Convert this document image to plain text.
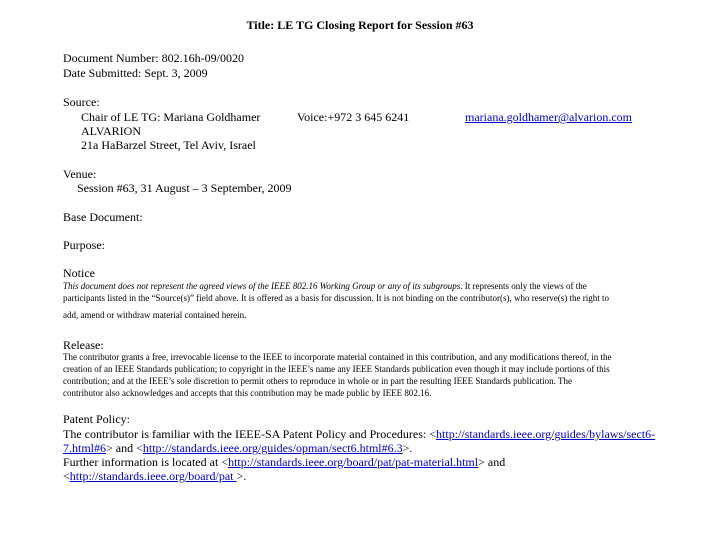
Title: LE TG Closing Report for Session #63
Document Number: 802.16h-09/0020
Date Submitted: Sept. 3, 2009
Source:
Chair of LE TG: Mariana Goldhamer	Voice:+972 3 645 6241	mariana.goldhamer@alvarion.com
ALVARION
21a HaBarzel Street, Tel Aviv, Israel
Venue:
Session #63, 31 August – 3 September, 2009
Base Document:
Purpose:
Notice
This document does not represent the agreed views of the IEEE 802.16 Working Group or any of its subgroups. It represents only the views of the
participants listed in the “Source(s)” field above. It is offered as a basis for discussion. It is not binding on the contributor(s), who reserve(s) the right to
add, amend or withdraw material contained herein.
Release:
The contributor grants a free, irrevocable license to the IEEE to incorporate material contained in this contribution, and any modifications thereof, in the
creation of an IEEE Standards publication; to copyright in the IEEE’s name any IEEE Standards publication even though it may include portions of this
contribution; and at the IEEE’s sole discretion to permit others to reproduce in whole or in part the resulting IEEE Standards publication. The
contributor also acknowledges and accepts that this contribution may be made public by IEEE 802.16.
Patent Policy:
The contributor is familiar with the IEEE-SA Patent Policy and Procedures: <http://standards.ieee.org/guides/bylaws/sect6-
7.html#6> and <http://standards.ieee.org/guides/opman/sect6.html#6.3>.
Further information is located at <http://standards.ieee.org/board/pat/pat-material.html> and
<http://standards.ieee.org/board/pat >.
